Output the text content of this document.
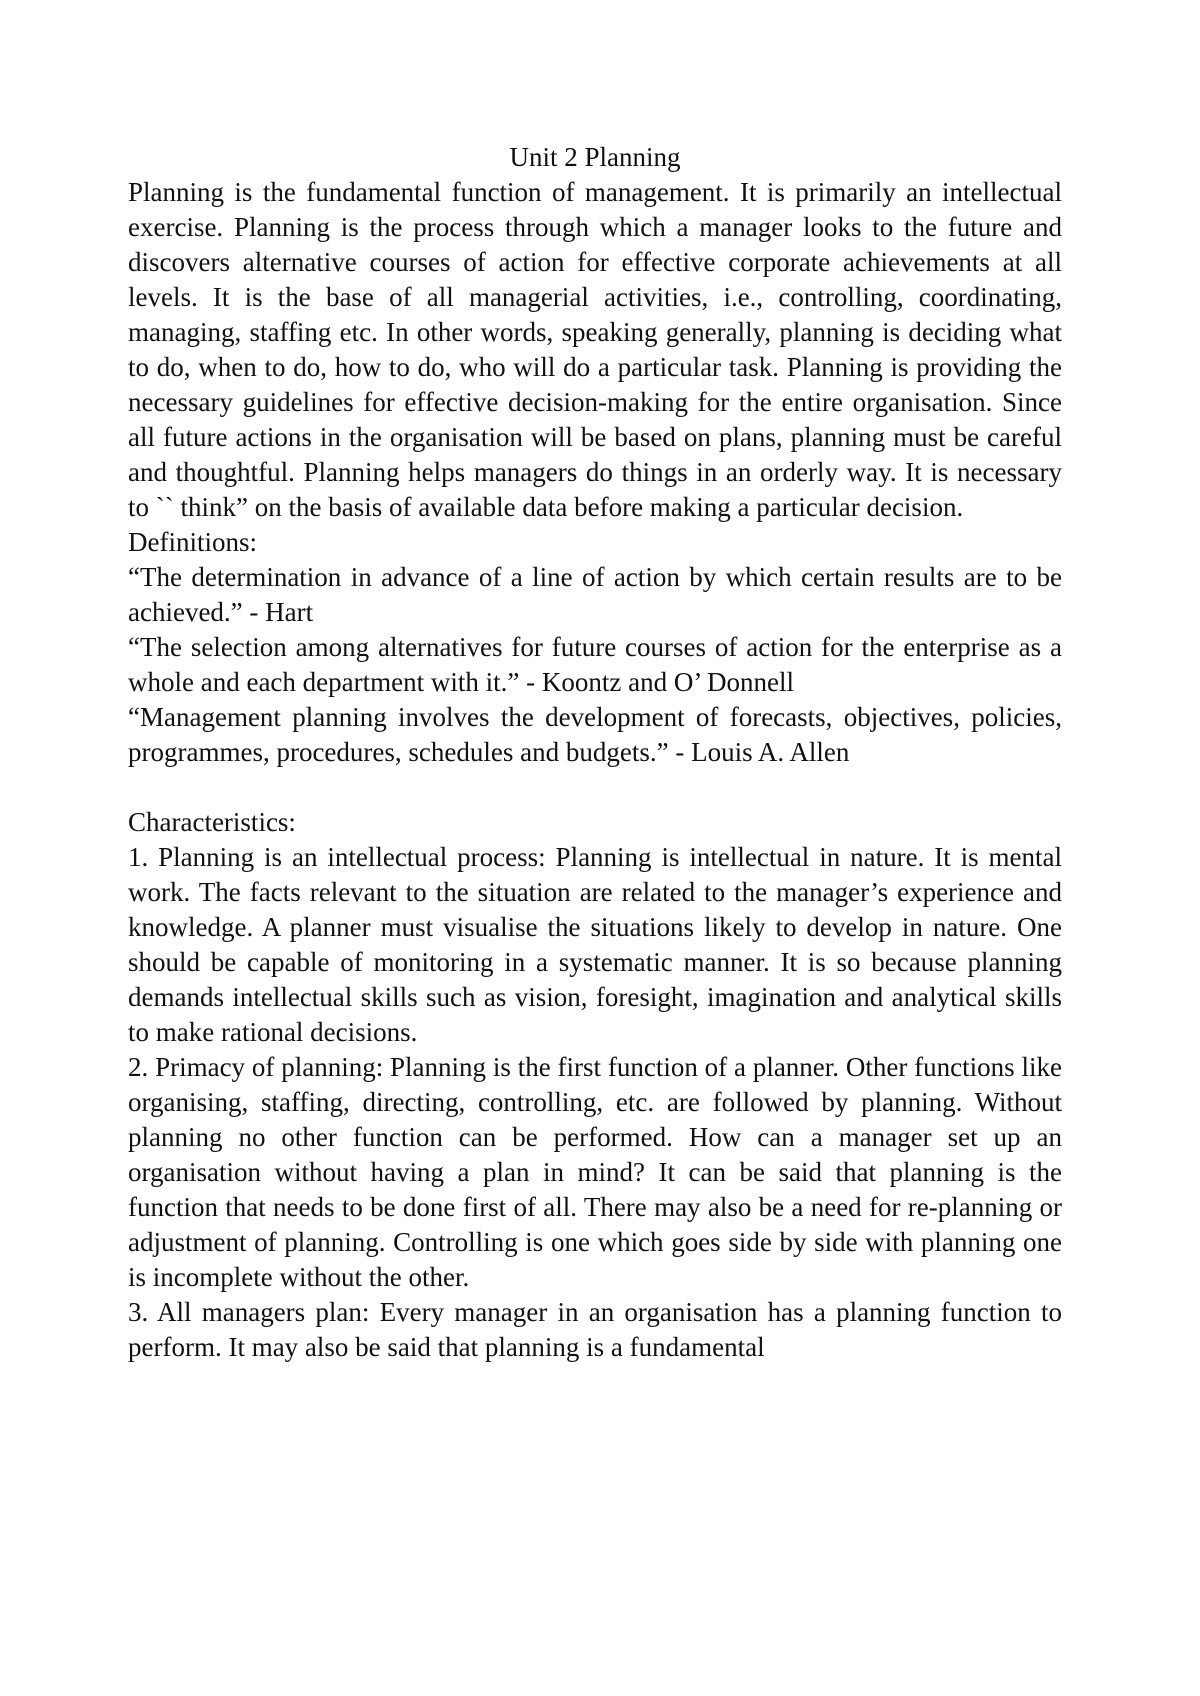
Unit 2 Planning

Planning is the fundamental function of management. It is primarily an intellectual exercise. Planning is the process through which a manager looks to the future and discovers alternative courses of action for effective corporate achievements at all levels. It is the base of all managerial activities, i.e., controlling, coordinating, managing, staffing etc. In other words, speaking generally, planning is deciding what to do, when to do, how to do, who will do a particular task. Planning is providing the necessary guidelines for effective decision-making for the entire organisation. Since all future actions in the organisation will be based on plans, planning must be careful and thoughtful. Planning helps managers do things in an orderly way. It is necessary to `` think” on the basis of available data before making a particular decision.

Definitions:

“The determination in advance of a line of action by which certain results are to be achieved.” - Hart

“The selection among alternatives for future courses of action for the enterprise as a whole and each department with it.” - Koontz and O’ Donnell

“Management planning involves the development of forecasts, objectives, policies, programmes, procedures, schedules and budgets.” - Louis A. Allen

Characteristics:

1. Planning is an intellectual process: Planning is intellectual in nature. It is mental work. The facts relevant to the situation are related to the manager’s experience and knowledge. A planner must visualise the situations likely to develop in nature. One should be capable of monitoring in a systematic manner. It is so because planning demands intellectual skills such as vision, foresight, imagination and analytical skills to make rational decisions.

2. Primacy of planning: Planning is the first function of a planner. Other functions like organising, staffing, directing, controlling, etc. are followed by planning. Without planning no other function can be performed. How can a manager set up an organisation without having a plan in mind? It can be said that planning is the function that needs to be done first of all. There may also be a need for re-planning or adjustment of planning. Controlling is one which goes side by side with planning one is incomplete without the other.

3. All managers plan: Every manager in an organisation has a planning function to perform. It may also be said that planning is a fundamental
